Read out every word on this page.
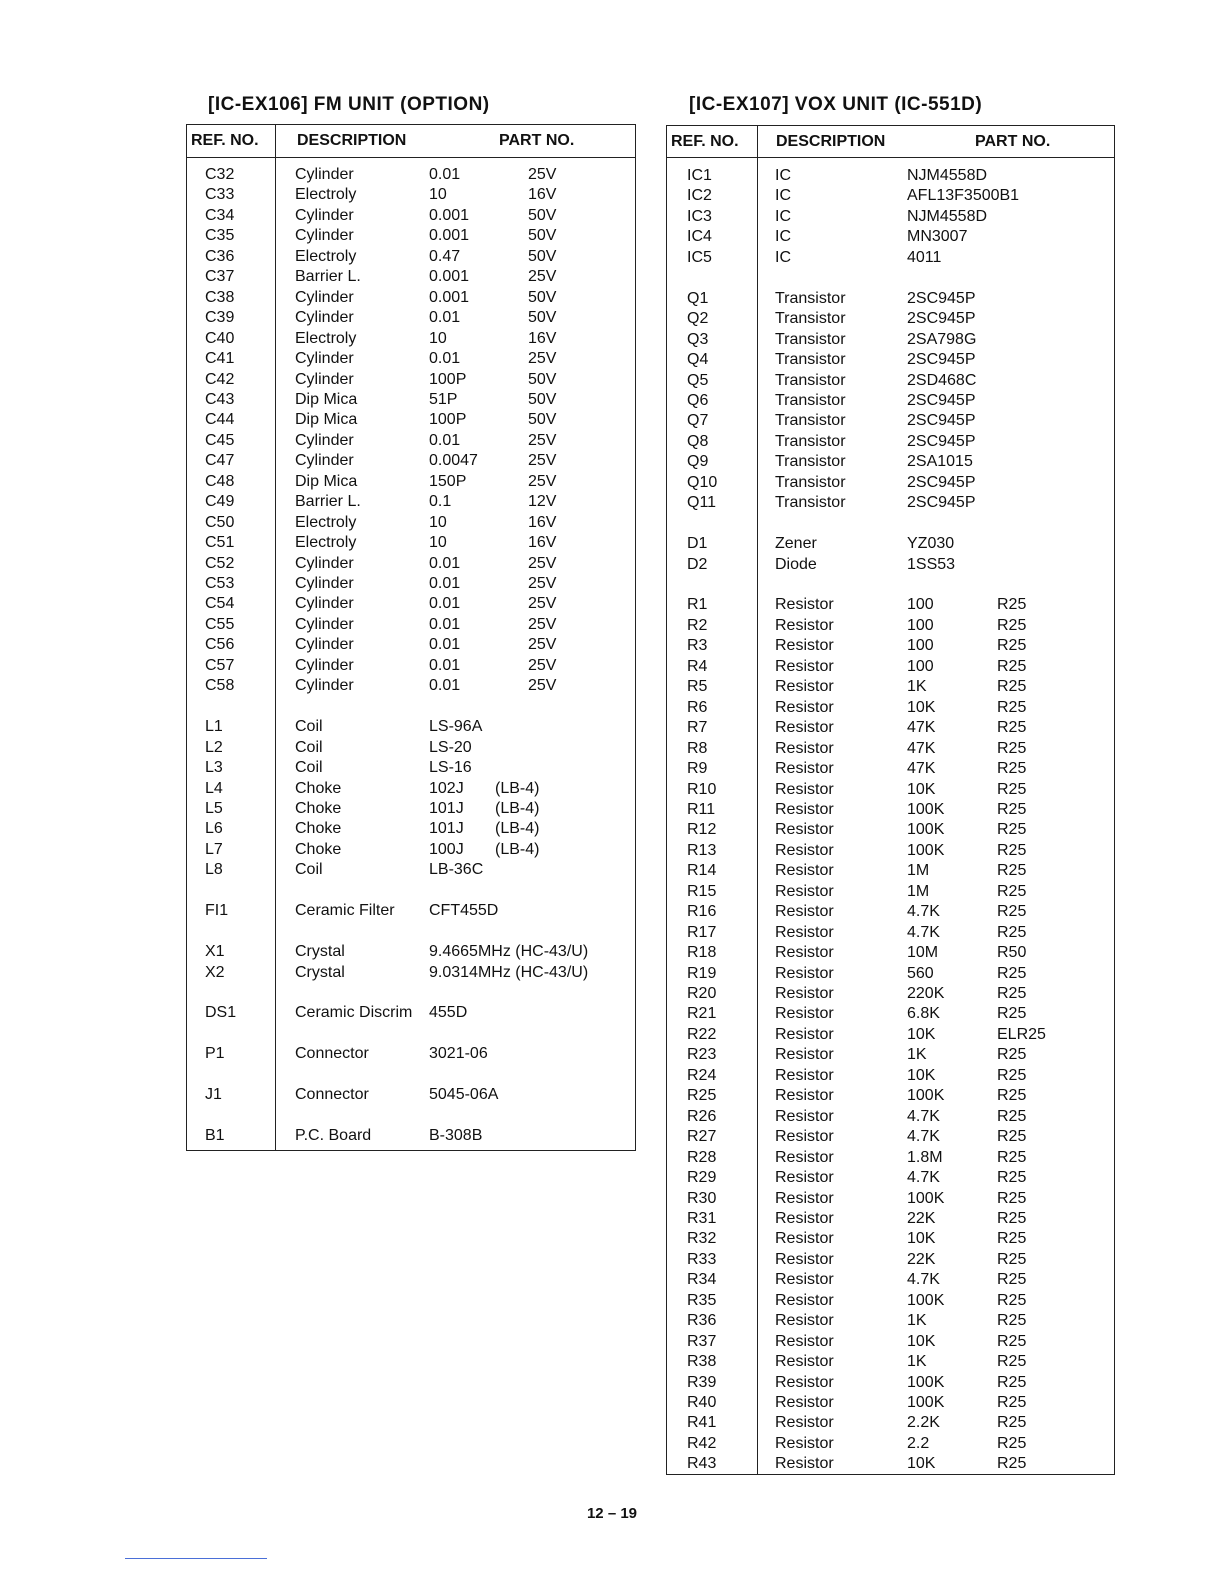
[IC-EX106] FM UNIT (OPTION)
REF. NO. DESCRIPTION	PART NO.
C32	Cylinder	0.01	25V
C33	Electroly	10	16V
C34	Cylinder	0.001	50V
C35	Cylinder	0.001	50V
C36	Electroly	0.47	50V
C37	Barrier L.	0.001	25V
C38	Cylinder	0.001	50V
C39	Cylinder	0.01	50V
C40	Electroly	10	16V
C41	Cylinder	0.01	25V
C42	Cylinder	100P	50V
C43	Dip Mica	51P	50V
C44	Dip Mica	100P	50V
C45	Cylinder	0.01	25V
C47	Cylinder	0.0047	25V
C48	Dip Mica	150P	25V
C49	Barrier L.	0.1	12V
C50	Electroly	10	16V
C51	Electroly	10	16V
C52	Cylinder	0.01	25V
C53	Cylinder	0.01	25V
C54	Cylinder	0.01	25V
C55	Cylinder	0.01	25V
C56	Cylinder	0.01	25V
C57	Cylinder	0.01	25V
C58	Cylinder	0.01	25V
L1	Coil	LS-96A
L2	Coil	LS-20
L3	Coil	LS-16
L4	Choke	102J (LB-4)
L5	Choke	101J (LB-4)
L6	Choke	101J (LB-4)
L7	Choke	100J (LB-4)
L8	Coil	LB-36C
FI1	Ceramic Filter CFT455D
X1	Crystal	9.4665MHz (HC-43/U)
X2	Crystal	9.0314MHz (HC-43/U)
DS1	Ceramic Discrim 455D
P1	Connector	3021-06
J1	Connector	5045-06A
B1	P.C. Board	B-308B
[IC-EX107] VOX UNIT (IC-551D)
REF. NO. DESCRIPTION	PART NO.
IC1	IC	NJM4558D
IC2	IC	AFL13F3500B1
IC3	IC	NJM4558D
IC4	IC	MN3007
IC5	IC	4011
Q1	Transistor	2SC945P
Q2	Transistor	2SC945P
Q3	Transistor	2SA798G
Q4	Transistor	2SC945P
Q5	Transistor	2SD468C
Q6	Transistor	2SC945P
Q7	Transistor	2SC945P
Q8	Transistor	2SC945P
Q9	Transistor	2SA1015
Q10	Transistor	2SC945P
Q11	Transistor	2SC945P
D1	Zener	YZ030
D2	Diode	1SS53
R1	Resistor	100	R25
R2	Resistor	100	R25
R3	Resistor	100	R25
R4	Resistor	100	R25
R5	Resistor	1K	R25
R6	Resistor	10K	R25
R7	Resistor	47K	R25
R8	Resistor	47K	R25
R9	Resistor	47K	R25
R10	Resistor	10K	R25
R11	Resistor	100K	R25
R12	Resistor	100K	R25
R13	Resistor	100K	R25
R14	Resistor	1M	R25
R15	Resistor	1M	R25
R16	Resistor	4.7K	R25
R17	Resistor	4.7K	R25
R18	Resistor	10M	R50
R19	Resistor	560	R25
R20	Resistor	220K	R25
R21	Resistor	6.8K	R25
R22	Resistor	10K	ELR25
R23	Resistor	1K	R25
R24	Resistor	10K	R25
R25	Resistor	100K	R25
R26	Resistor	4.7K	R25
R27	Resistor	4.7K	R25
R28	Resistor	1.8M	R25
R29	Resistor	4.7K	R25
R30	Resistor	100K	R25
R31	Resistor	22K	R25
R32	Resistor	10K	R25
R33	Resistor	22K	R25
R34	Resistor	4.7K	R25
R35	Resistor	100K	R25
R36	Resistor	1K	R25
R37	Resistor	10K	R25
R38	Resistor	1K	R25
R39	Resistor	100K	R25
R40	Resistor	100K	R25
R41	Resistor	2.2K	R25
R42	Resistor	2.2	R25
R43	Resistor	10K	R25
12 – 19
